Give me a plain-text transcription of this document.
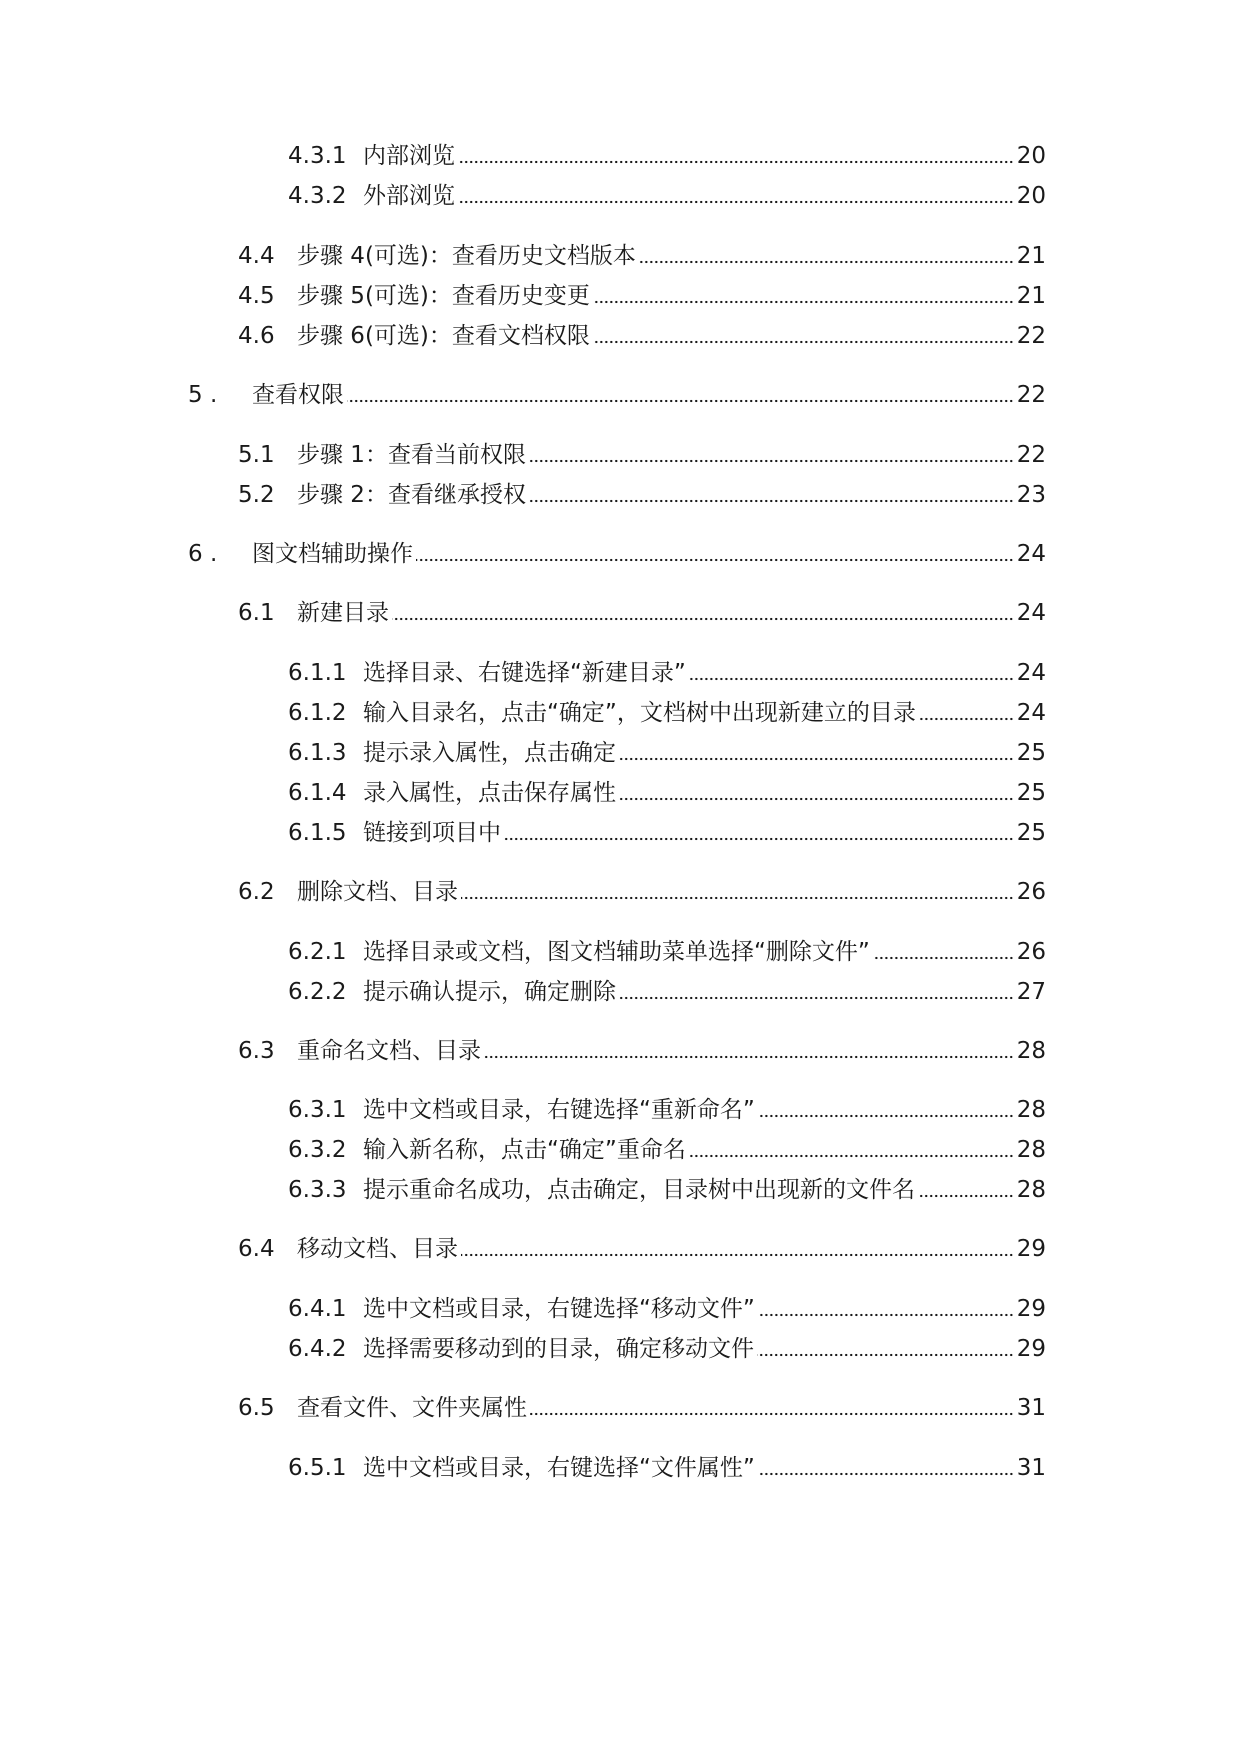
4.3.1 内部浏览	20
4.3.2 外部浏览	20
4.4 步骤 4(可选)：查看历史文档版本	21
4.5 步骤 5(可选)：查看历史变更	21
4.6 步骤 6(可选)：查看文档权限	22
5 .	查看权限	22
5.1 步骤 1：查看当前权限	22
5.2 步骤 2：查看继承授权	23
6 .	图文档辅助操作	24
6.1 新建目录	24
6.1.1 选择目录、右键选择“新建目录”	24
6.1.2 输入目录名，点击“确定”，文档树中出现新建立的目录	24
6.1.3 提示录入属性，点击确定	25
6.1.4 录入属性，点击保存属性	25
6.1.5 链接到项目中	25
6.2 删除文档、目录	26
6.2.1 选择目录或文档，图文档辅助菜单选择“删除文件”	26
6.2.2 提示确认提示，确定删除	27
6.3 重命名文档、目录	28
6.3.1 选中文档或目录，右键选择“重新命名”	28
6.3.2 输入新名称，点击“确定”重命名	28
6.3.3 提示重命名成功，点击确定，目录树中出现新的文件名	28
6.4 移动文档、目录	29
6.4.1 选中文档或目录，右键选择“移动文件”	29
6.4.2 选择需要移动到的目录，确定移动文件	29
6.5 查看文件、文件夹属性	31
6.5.1 选中文档或目录，右键选择“文件属性”	31
